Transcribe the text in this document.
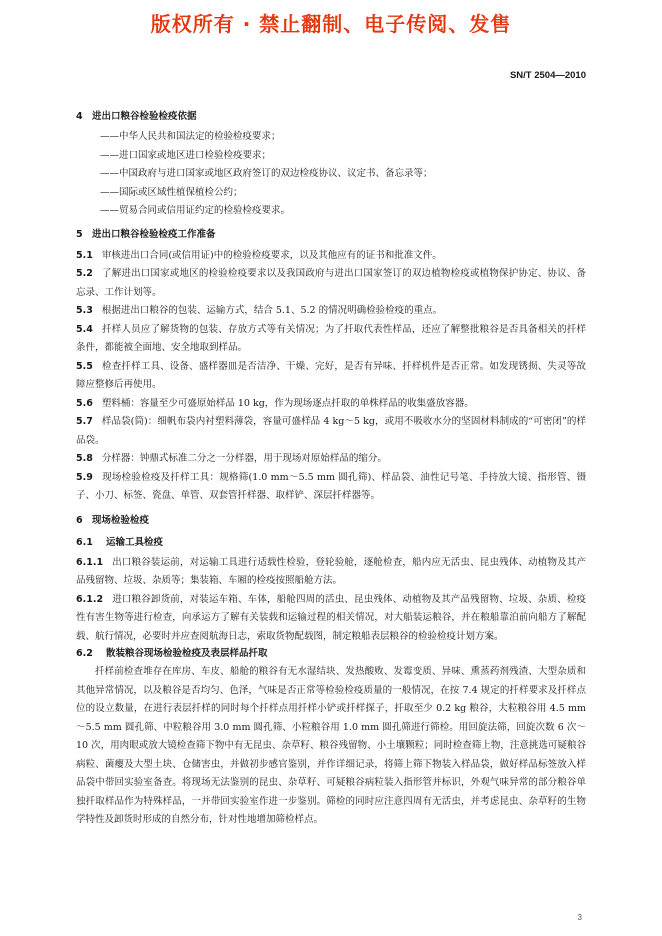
版权所有 · 禁止翻制、电子传阅、发售
SN/T 2504—2010
4 进出口粮谷检验检疫依据
——中华人民共和国法定的检验检疫要求；
——进口国家或地区进口检验检疫要求；
——中国政府与进口国家或地区政府签订的双边检疫协议、议定书、备忘录等；
——国际或区域性植保植检公约；
——贸易合同或信用证约定的检验检疫要求。
5 进出口粮谷检验检疫工作准备
5.1 审核进出口合同(或信用证)中的检验检疫要求，以及其他应有的证书和批准文件。
5.2 了解进出口国家或地区的检验检疫要求以及我国政府与进出口国家签订的双边植物检疫或植物保护协定、协议、备忘录、工作计划等。
5.3 根据进出口粮谷的包装、运输方式，结合 5.1、5.2 的情况明确检验检疫的重点。
5.4 扦样人员应了解货物的包装、存放方式等有关情况；为了扦取代表性样品，还应了解整批粮谷是否具备相关的扦样条件，都能被全面地、安全地取到样品。
5.5 检查扦样工具、设备、盛样器皿是否洁净、干燥、完好，是否有异味、扦样机件是否正常。如发现锈损、失灵等故障应整修后再使用。
5.6 塑料桶：容量至少可盛原始样品 10 kg，作为现场逐点扦取的单株样品的收集盛放容器。
5.7 样品袋(筒)：细帆布袋内衬塑料薄袋，容量可盛样品 4 kg～5 kg，或用不吸收水分的坚固材料制成的“可密闭”的样品袋。
5.8 分样器：钟鼎式标准二分之一分样器，用于现场对原始样品的缩分。
5.9 现场检验检疫及扦样工具：规格筛(1.0 mm～5.5 mm 圆孔筛)、样品袋、油性记号笔、手持放大镜、指形管、镊子、小刀、标签、瓷盘、单管、双套管扦样器、取样铲、深层扦样器等。
6 现场检验检疫
6.1 运输工具检疫
6.1.1 出口粮谷装运前，对运输工具进行适载性检验，登轮验舱，逐舱检查，船内应无活虫、昆虫残体、动植物及其产品残留物、垃圾、杂质等；集装箱、车厢的检疫按照船舱方法。
6.1.2 进口粮谷卸货前，对装运车箱、车体，船舱四周的活虫、昆虫残体、动植物及其产品残留物、垃圾、杂质、检疫性有害生物等进行检查，向承运方了解有关装载和运输过程的相关情况，对大船装运粮谷，并在粮船靠泊前向船方了解配载、航行情况，必要时并应查阅航海日志，索取货物配载图，制定粮船表层粮谷的检验检疫计划方案。
6.2 散装粮谷现场检验检疫及表层样品扦取
扦样前检查堆存在库房、车皮、船舱的粮谷有无水湿结块、发热酸败、发霉变质、异味、熏蒸药剂残渣、大型杂质和其他异常情况，以及粮谷是否均匀、色泽，气味是否正常等检验检疫质量的一般情况，在按 7.4 规定的扦样要求及扦样点位的设立数量，在进行表层扦样的同时每个扦样点用扦样小铲或扦样探子，扦取至少 0.2 kg 粮谷，大粒粮谷用 4.5 mm～5.5 mm 圆孔筛、中粒粮谷用 3.0 mm 圆孔筛、小粒粮谷用 1.0 mm 圆孔筛进行筛检。用回旋法筛，回旋次数 6 次～10 次，用肉眼或放大镜检查筛下物中有无昆虫、杂草籽、粮谷残留物、小土壤颗粒；同时检查筛上物，注意挑选可疑粮谷病粒、菌瘿及大型土块、仓储害虫，并做初步感官鉴别，并作详细记录，将筛上筛下物装入样品袋，做好样品标签放入样品袋中带回实验室备查。将现场无法鉴别的昆虫、杂草籽、可疑粮谷病粒装入指形管并标识，外观气味异常的部分粮谷单独扦取样品作为特殊样品，一并带回实验室作进一步鉴别。筛检的同时应注意四周有无活虫，并考虑昆虫、杂草籽的生物学特性及卸货时形成的自然分布，针对性地增加筛检样点。
3
